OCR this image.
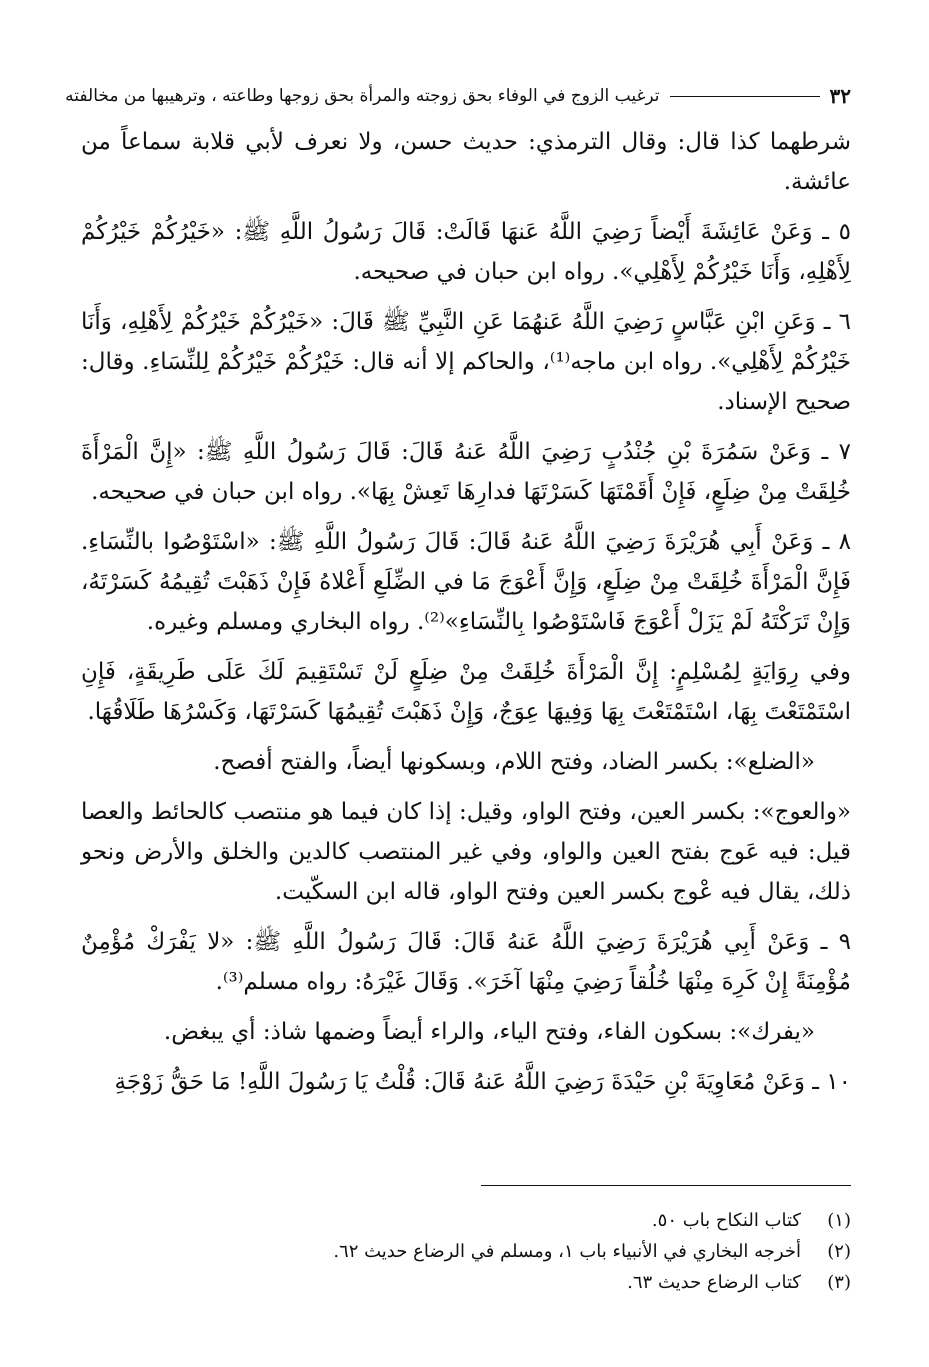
٣٢
ترغيب الزوج في الوفاء بحق زوجته والمرأة بحق زوجها وطاعته ، وترهيبها من مخالفته

شرطهما كذا قال: وقال الترمذي: حديث حسن، ولا نعرف لأبي قلابة سماعاً من عائشة.

٥ ـ وَعَنْ عَائِشَةَ أَيْضاً رَضِيَ اللَّهُ عَنهَا قَالَتْ: قَالَ رَسُولُ اللَّهِ ﷺ: «خَيْرُكُمْ خَيْرُكُمْ لِأَهْلِهِ، وَأَنَا خَيْرُكُمْ لِأَهْلِي». رواه ابن حبان في صحيحه.

٦ ـ وَعَنِ ابْنِ عَبَّاسٍ رَضِيَ اللَّهُ عَنهُمَا عَنِ النَّبِيِّ ﷺ قَالَ: «خَيْرُكُمْ خَيْرُكُمْ لِأَهْلِهِ، وَأَنَا خَيْرُكُمْ لِأَهْلِي». رواه ابن ماجه⁽¹⁾، والحاكم إلا أنه قال: خَيْرُكُمْ خَيْرُكُمْ لِلنِّسَاءِ. وقال: صحيح الإسناد.

٧ ـ وَعَنْ سَمُرَةَ بْنِ جُنْدُبٍ رَضِيَ اللَّهُ عَنهُ قَالَ: قَالَ رَسُولُ اللَّهِ ﷺ: «إِنَّ الْمَرْأَةَ خُلِقَتْ مِنْ ضِلَعٍ، فَإِنْ أَقَمْتَهَا كَسَرْتَهَا فدارِهَا تَعِشْ بِهَا». رواه ابن حبان في صحيحه.

٨ ـ وَعَنْ أَبِي هُرَيْرَةَ رَضِيَ اللَّهُ عَنهُ قَالَ: قَالَ رَسُولُ اللَّهِ ﷺ: «اسْتَوْصُوا بالنِّسَاءِ. فَإِنَّ الْمَرْأَةَ خُلِقَتْ مِنْ ضِلَعٍ، وَإِنَّ أَعْوَجَ مَا في الضِّلَعِ أَعْلاهُ فَإِنْ ذَهَبْتَ تُقِيمُهُ كَسَرْتَهُ، وَإِنْ تَرَكْتَهُ لَمْ يَزَلْ أَعْوَجَ فَاسْتَوْصُوا بِالنِّسَاءِ»⁽²⁾. رواه البخاري ومسلم وغيره.

وفي رِوَايَةٍ لِمُسْلِمٍ: إِنَّ الْمَرْأَةَ خُلِقَتْ مِنْ ضِلَعٍ لَنْ تَسْتَقِيمَ لَكَ عَلَى طَرِيقَةٍ، فَإِنِ اسْتَمْتَعْتَ بِهَا، اسْتَمْتَعْتَ بِهَا وَفِيهَا عِوَجٌ، وَإِنْ ذَهَبْتَ تُقِيمُهَا كَسَرْتَهَا، وَكَسْرُهَا طَلَاقُهَا.

«الضلع»: بكسر الضاد، وفتح اللام، وبسكونها أيضاً، والفتح أفصح.

«والعوج»: بكسر العين، وفتح الواو، وقيل: إذا كان فيما هو منتصب كالحائط والعصا قيل: فيه عَوج بفتح العين والواو، وفي غير المنتصب كالدين والخلق والأرض ونحو ذلك، يقال فيه عْوج بكسر العين وفتح الواو، قاله ابن السكّيت.

٩ ـ وَعَنْ أَبِي هُرَيْرَةَ رَضِيَ اللَّهُ عَنهُ قَالَ: قَالَ رَسُولُ اللَّهِ ﷺ: «لا يَفْرَكْ مُؤْمِنٌ مُؤْمِنَةً إِنْ كَرِهَ مِنْهَا خُلُقاً رَضِيَ مِنْهَا آخَرَ». وَقَالَ غَيْرَهُ: رواه مسلم⁽³⁾.

«يفرك»: بسكون الفاء، وفتح الياء، والراء أيضاً وضمها شاذ: أي يبغض.

١٠ ـ وَعَنْ مُعَاوِيَةَ بْنِ حَيْدَةَ رَضِيَ اللَّهُ عَنهُ قَالَ: قُلْتُ يَا رَسُولَ اللَّهِ! مَا حَقُّ زَوْجَةِ

(١)
كتاب النكاح باب ٥٠.
(٢)
أخرجه البخاري في الأنبياء باب ١، ومسلم في الرضاع حديث ٦٢.
(٣)
كتاب الرضاع حديث ٦٣.
